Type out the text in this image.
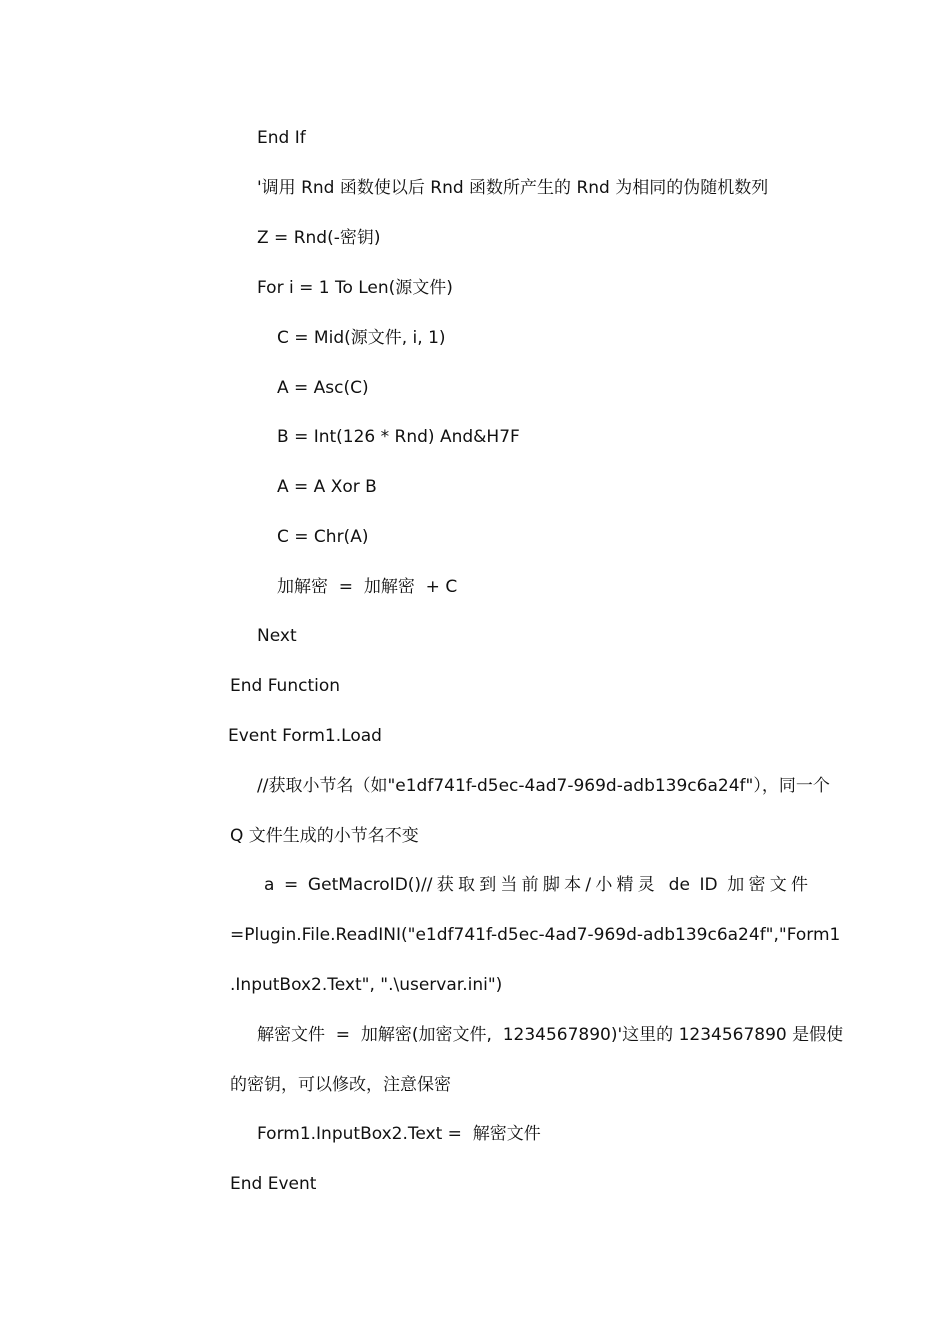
End If
'调用 Rnd 函数使以后 Rnd 函数所产生的 Rnd 为相同的伪随机数列
Z = Rnd(-密钥)
For i = 1 To Len(源文件)
C = Mid(源文件, i, 1)
A = Asc(C)
B = Int(126 * Rnd) And&H7F
A = A Xor B
C = Chr(A)
加解密  =  加解密  + C
Next
End Function
Event Form1.Load
//获取小节名（如"e1df741f-d5ec-4ad7-969d-adb139c6a24f"），同一个
Q 文件生成的小节名不变
a = GetMacroID()//获取到当前脚本/小精灵 de ID 加密文件
=Plugin.File.ReadINI("e1df741f-d5ec-4ad7-969d-adb139c6a24f","Form1
.InputBox2.Text", ".\uservar.ini")
解密文件  =  加解密(加密文件,  1234567890)'这里的 1234567890 是假使
的密钥，可以修改，注意保密
Form1.InputBox2.Text =  解密文件
End Event
